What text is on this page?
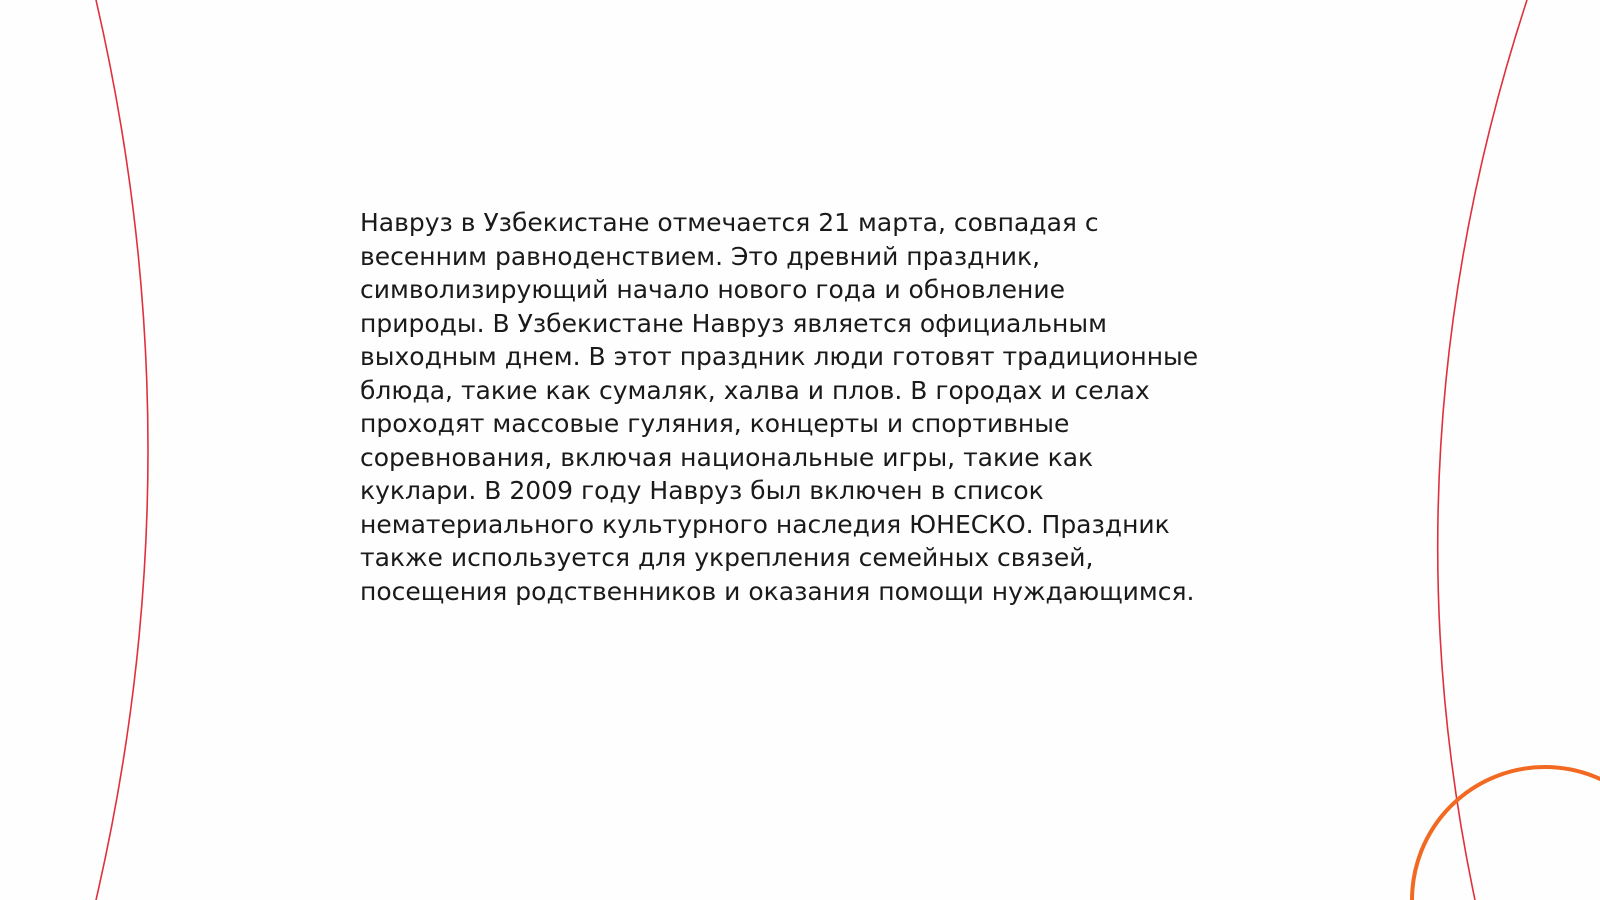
Навруз в Узбекистане отмечается 21 марта, совпадая с
весенним равноденствием. Это древний праздник,
символизирующий начало нового года и обновление
природы. В Узбекистане Навруз является официальным
выходным днем. В этот праздник люди готовят традиционные
блюда, такие как сумаляк, халва и плов. В городах и селах
проходят массовые гуляния, концерты и спортивные
соревнования, включая национальные игры, такие как
куклари. В 2009 году Навруз был включен в список
нематериального культурного наследия ЮНЕСКО. Праздник
также используется для укрепления семейных связей,
посещения родственников и оказания помощи нуждающимся.
